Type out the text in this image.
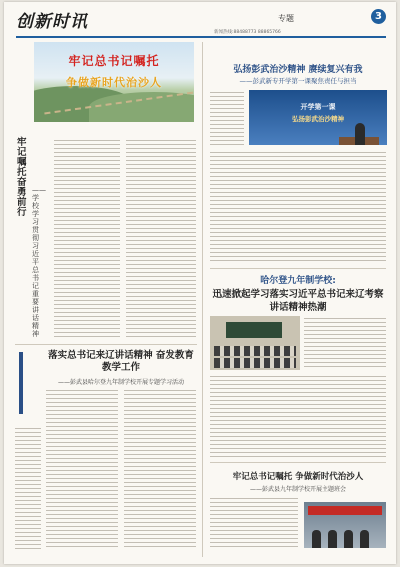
创新时讯	专题	3
新闻热线:88488773 88865766
牢记总书记嘱托
争做新时代治沙人
牢记嘱托 奋勇前行
——学校学习贯彻习近平总书记重要讲话精神
弘扬彭武治沙精神 赓续复兴有我
——彭武新专开学第一课聚焦责任与担当
开学第一课
弘扬彭武治沙精神
哈尔登九年制学校:
迅速掀起学习落实习近平总书记来辽考察讲话精神热潮
落实总书记来辽讲话精神 奋发教育教学工作
——彭武县哈尔登九年制学校开展专题学习活动
牢记总书记嘱托 争做新时代治沙人
——彭武县九年制学校开展主题班会
